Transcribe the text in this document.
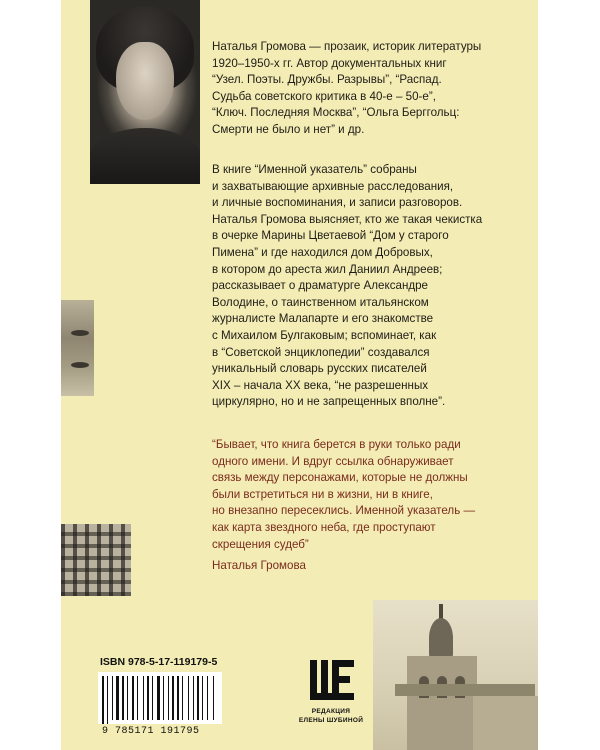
Наталья Громова — прозаик, историк литературы
1920–1950-х гг. Автор документальных книг
“Узел. Поэты. Дружбы. Разрывы”, “Распад.
Судьба советского критика в 40-е – 50-е”,
“Ключ. Последняя Москва”, “Ольга Берггольц:
Смерти не было и нет” и др.
В книге “Именной указатель” собраны
и захватывающие архивные расследования,
и личные воспоминания, и записи разговоров.
Наталья Громова выясняет, кто же такая чекистка
в очерке Марины Цветаевой “Дом у старого
Пимена” и где находился дом Добровых,
в котором до ареста жил Даниил Андреев;
рассказывает о драматурге Александре
Володине, о таинственном итальянском
журналисте Малапарте и его знакомстве
с Михаилом Булгаковым; вспоминает, как
в “Советской энциклопедии” создавался
уникальный словарь русских писателей
XIX – начала XX века, “не разрешенных
циркулярно, но и не запрещенных вполне”.
“Бывает, что книга берется в руки только ради
одного имени. И вдруг ссылка обнаруживает
связь между персонажами, которые не должны
были встретиться ни в жизни, ни в книге,
но внезапно пересеклись. Именной указатель —
как карта звездного неба, где проступают
скрещения судеб”
Наталья Громова
ISBN 978-5-17-119179-5
9 785171 191795
РЕДАКЦИЯ
ЕЛЕНЫ ШУБИНОЙ
